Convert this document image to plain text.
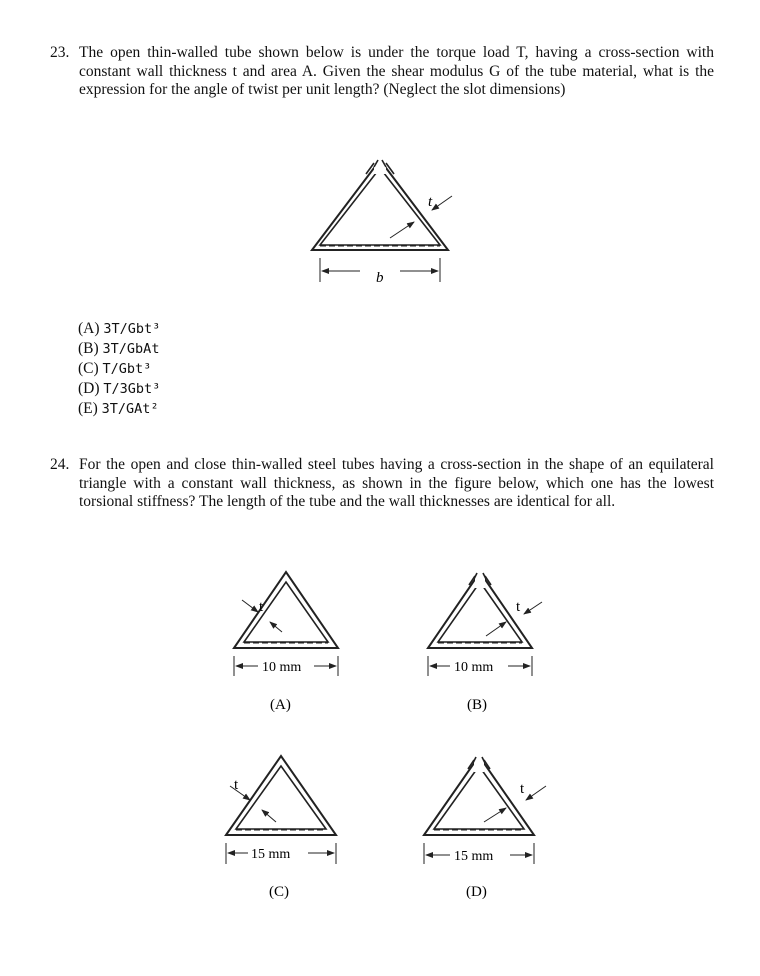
23. The open thin-walled tube shown below is under the torque load T, having a cross-section with constant wall thickness t and area A. Given the shear modulus G of the tube material, what is the expression for the angle of twist per unit length? (Neglect the slot dimensions)
(A) 3T/Gbt³
(B) 3T/GbAt
(C) T/Gbt³
(D) T/3Gbt³
(E) 3T/GAt²
24. For the open and close thin-walled steel tubes having a cross-section in the shape of an equilateral triangle with a constant wall thickness, as shown in the figure below, which one has the lowest torsional stiffness? The length of the tube and the wall thicknesses are identical for all.
t
b
t
10 mm
(A)
t
10 mm
(B)
t
15 mm
(C)
t
15 mm
(D)
